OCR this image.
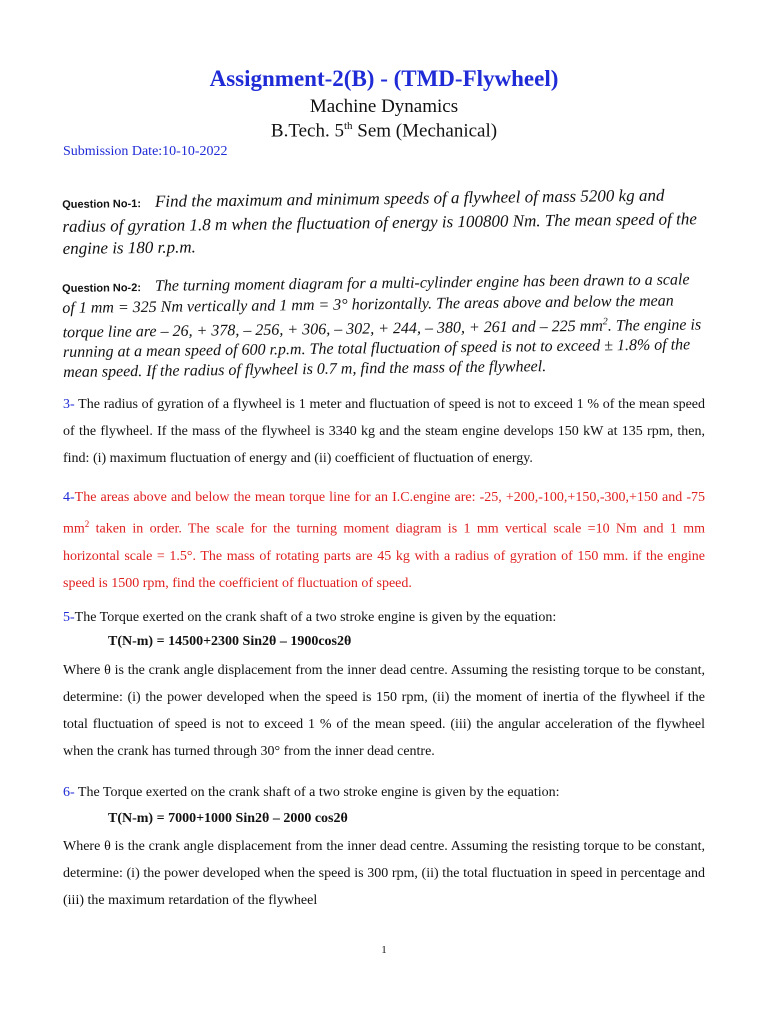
Assignment-2(B) - (TMD-Flywheel)
Machine Dynamics
B.Tech. 5th Sem (Mechanical)
Submission Date:10-10-2022
Question No-1: Find the maximum and minimum speeds of a flywheel of mass 5200 kg and radius of gyration 1.8 m when the fluctuation of energy is 100800 Nm. The mean speed of the engine is 180 r.p.m.
Question No-2: The turning moment diagram for a multi-cylinder engine has been drawn to a scale of 1 mm = 325 Nm vertically and 1 mm = 3° horizontally. The areas above and below the mean torque line are – 26, + 378, – 256, + 306, – 302, + 244, – 380, + 261 and – 225 $mm^2$. The engine is running at a mean speed of 600 r.p.m. The total fluctuation of speed is not to exceed ± 1.8% of the mean speed. If the radius of flywheel is 0.7 m, find the mass of the flywheel.
3- The radius of gyration of a flywheel is 1 meter and fluctuation of speed is not to exceed 1 % of the mean speed of the flywheel. If the mass of the flywheel is 3340 kg and the steam engine develops 150 kW at 135 rpm, then, find: (i) maximum fluctuation of energy and (ii) coefficient of fluctuation of energy.
4-The areas above and below the mean torque line for an I.C.engine are: -25, +200,-100,+150,-300,+150 and -75 $mm^2$ taken in order. The scale for the turning moment diagram is 1 mm vertical scale =10 Nm and 1 mm horizontal scale = 1.5°. The mass of rotating parts are 45 kg with a radius of gyration of 150 mm. if the engine speed is 1500 rpm, find the coefficient of fluctuation of speed.
5-The Torque exerted on the crank shaft of a two stroke engine is given by the equation:
T(N-m) = 14500+2300 Sin2θ – 1900cos2θ
Where θ is the crank angle displacement from the inner dead centre. Assuming the resisting torque to be constant, determine: (i) the power developed when the speed is 150 rpm, (ii) the moment of inertia of the flywheel if the total fluctuation of speed is not to exceed 1 % of the mean speed. (iii) the angular acceleration of the flywheel when the crank has turned through 30° from the inner dead centre.
6- The Torque exerted on the crank shaft of a two stroke engine is given by the equation:
T(N-m) = 7000+1000 Sin2θ – 2000 cos2θ
Where θ is the crank angle displacement from the inner dead centre. Assuming the resisting torque to be constant, determine: (i) the power developed when the speed is 300 rpm, (ii) the total fluctuation in speed in percentage and (iii) the maximum retardation of the flywheel
1
